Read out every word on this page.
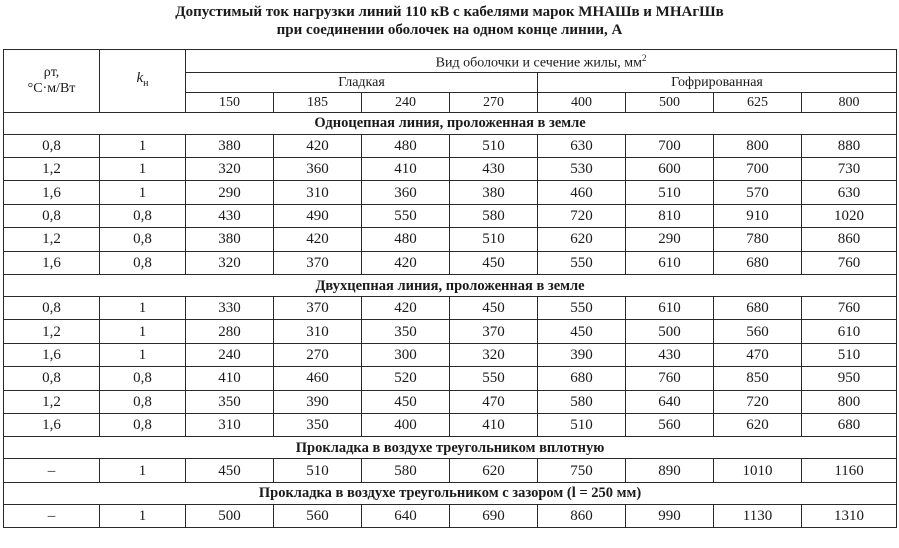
Допустимый ток нагрузки линий 110 кВ с кабелями марок МНАШв и МНАгШв
при соединении оболочек на одном конце линии, А
ρт,
°С·м/Вт	$k_н$	Вид оболочки и сечение жилы, $мм^2$
		Гладкая				Гофрированная			
		150	185	240	270	400	500	625	800
Одноцепная линия, проложенная в земле									
0,8	1	380	420	480	510	630	700	800	880
1,2	1	320	360	410	430	530	600	700	730
1,6	1	290	310	360	380	460	510	570	630
0,8	0,8	430	490	550	580	720	810	910	1020
1,2	0,8	380	420	480	510	620	290	780	860
1,6	0,8	320	370	420	450	550	610	680	760
Двухцепная линия, проложенная в земле									
0,8	1	330	370	420	450	550	610	680	760
1,2	1	280	310	350	370	450	500	560	610
1,6	1	240	270	300	320	390	430	470	510
0,8	0,8	410	460	520	550	680	760	850	950
1,2	0,8	350	390	450	470	580	640	720	800
1,6	0,8	310	350	400	410	510	560	620	680
Прокладка в воздухе треугольником вплотную									
–	1	450	510	580	620	750	890	1010	1160
Прокладка в воздухе треугольником с зазором (l = 250 мм)									
–	1	500	560	640	690	860	990	1130	1310
